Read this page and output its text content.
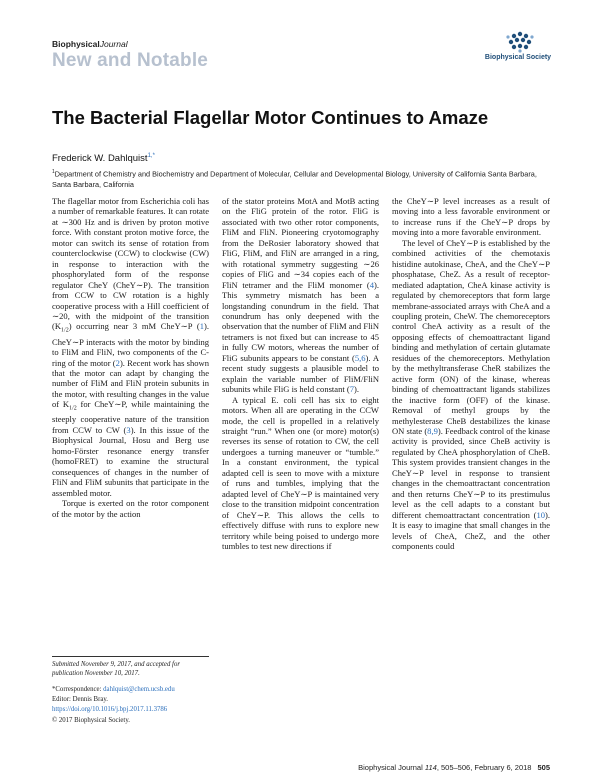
BiophysicalJournal
New and Notable	Biophysical Society
The Bacterial Flagellar Motor Continues to Amaze
Frederick W. Dahlquist$^{1,*}$
$^1$Department of Chemistry and Biochemistry and Department of Molecular, Cellular and Developmental Biology, University of California Santa Barbara, Santa Barbara, California

The flagellar motor from Escherichia coli has a number of remarkable features. It can rotate at ∼300 Hz and is driven by proton motive force. With constant proton motive force, the motor can switch its sense of rotation from counterclockwise (CCW) to clockwise (CW) in response to interaction with the phosphorylated form of the response regulator CheY (CheY∼P). The transition from CCW to CW rotation is a highly cooperative process with a Hill coefficient of ∼20, with the midpoint of the transition $(K_{1/2})$ occurring near 3 mM CheY∼P (1). CheY∼P interacts with the motor by binding to FliM and FliN, two components of the C-ring of the motor (2). Recent work has shown that the motor can adapt by changing the number of FliM and FliN protein subunits in the motor, with resulting changes in the value of $K_{1/2}$ for CheY∼P, while maintaining the steeply cooperative nature of the transition from CCW to CW (3). In this issue of the Biophysical Journal, Hosu and Berg use homo-Förster resonance energy transfer (homoFRET) to examine the structural consequences of changes in the number of FliN and FliM subunits that participate in the assembled motor.

Torque is exerted on the rotor component of the motor by the action

of the stator proteins MotA and MotB acting on the FliG protein of the rotor. FliG is associated with two other rotor components, FliM and FliN. Pioneering cryotomography from the DeRosier laboratory showed that FliG, FliM, and FliN are arranged in a ring, with rotational symmetry suggesting ∼26 copies of FliG and ∼34 copies each of the FliN tetramer and the FliM monomer (4). This symmetry mismatch has been a longstanding conundrum in the field. That conundrum has only deepened with the observation that the number of FliM and FliN tetramers is not fixed but can increase to 45 in fully CW motors, whereas the number of FliG subunits appears to be constant (5,6). A recent study suggests a plausible model to explain the variable number of FliM/FliN subunits while FliG is held constant (7).

A typical E. coli cell has six to eight motors. When all are operating in the CCW mode, the cell is propelled in a relatively straight “run.” When one (or more) motor(s) reverses its sense of rotation to CW, the cell undergoes a turning maneuver or “tumble.” In a constant environment, the typical adapted cell is seen to move with a mixture of runs and tumbles, implying that the adapted level of CheY∼P is maintained very close to the transition midpoint concentration of CheY∼P. This allows the cells to effectively diffuse with runs to explore new territory while being poised to undergo more tumbles to test new directions if

the CheY∼P level increases as a result of moving into a less favorable environment or to increase runs if the CheY∼P drops by moving into a more favorable environment.

The level of CheY∼P is established by the combined activities of the chemotaxis histidine autokinase, CheA, and the CheY∼P phosphatase, CheZ. As a result of receptor-mediated adaptation, CheA kinase activity is regulated by chemoreceptors that form large membrane-associated arrays with CheA and a coupling protein, CheW. The chemoreceptors control CheA activity as a result of the opposing effects of chemoattractant ligand binding and methylation of certain glutamate residues of the chemoreceptors. Methylation by the methyltransferase CheR stabilizes the active form (ON) of the kinase, whereas binding of chemoattractant ligands stabilizes the inactive form (OFF) of the kinase. Removal of methyl groups by the methylesterase CheB destabilizes the kinase ON state (8,9). Feedback control of the kinase activity is provided, since CheB activity is regulated by CheA phosphorylation of CheB. This system provides transient changes in the CheY∼P level in response to transient changes in the chemoattractant concentration and then returns CheY∼P to its prestimulus level as the cell adapts to a constant but different chemoattractant concentration (10). It is easy to imagine that small changes in the levels of CheA, CheZ, and the other components could

Submitted November 9, 2017, and accepted for publication November 10, 2017.
*Correspondence: dahlquist@chem.ucsb.edu
Editor: Dennis Bray.
https://doi.org/10.1016/j.bpj.2017.11.3786
© 2017 Biophysical Society.
Biophysical Journal 114, 505–506, February 6, 2018 505
